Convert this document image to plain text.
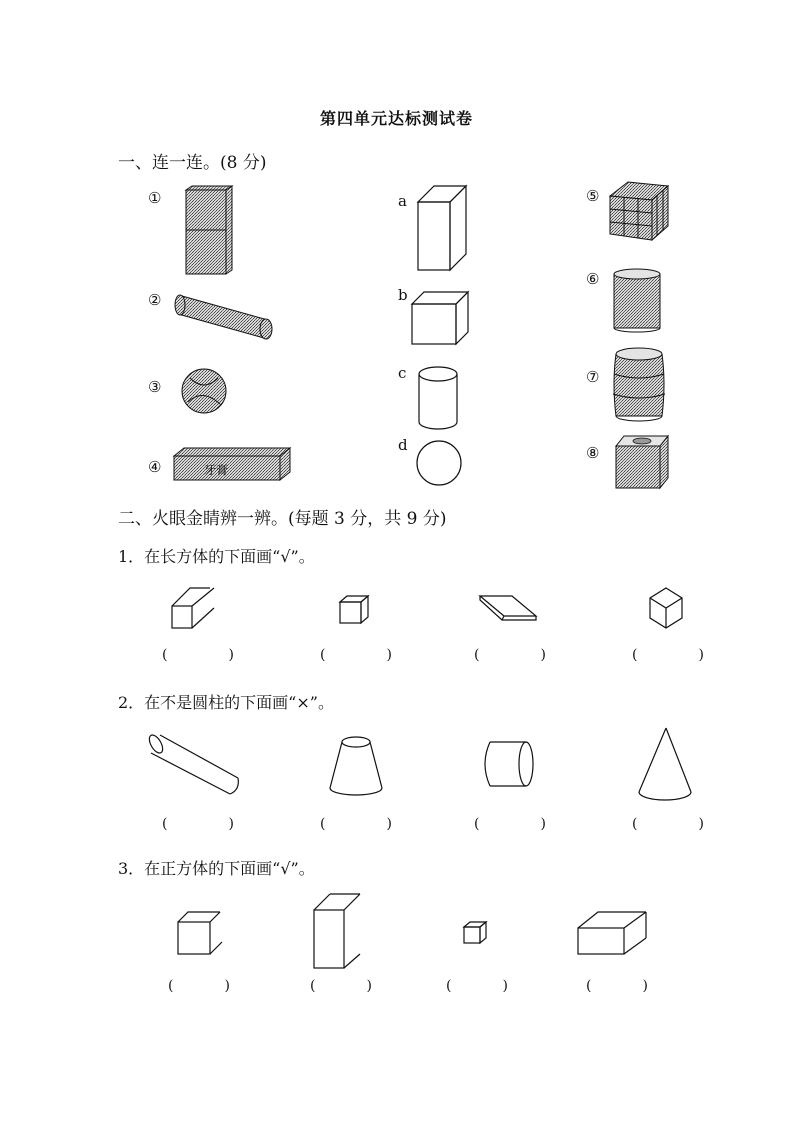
第四单元达标测试卷
一、连一连。(8 分)
①
②
③
④
a
b
c
d
⑤
⑥
⑦
⑧
牙膏
二、火眼金睛辨一辨。(每题 3 分，共 9 分)
1．在长方体的下面画“√”。
(	)	(	)	(	)	(	)
2．在不是圆柱的下面画“×”。
(	)	(	)	(	)	(	)
3．在正方体的下面画“√”。
(	)	(	)	(	)	(	)
